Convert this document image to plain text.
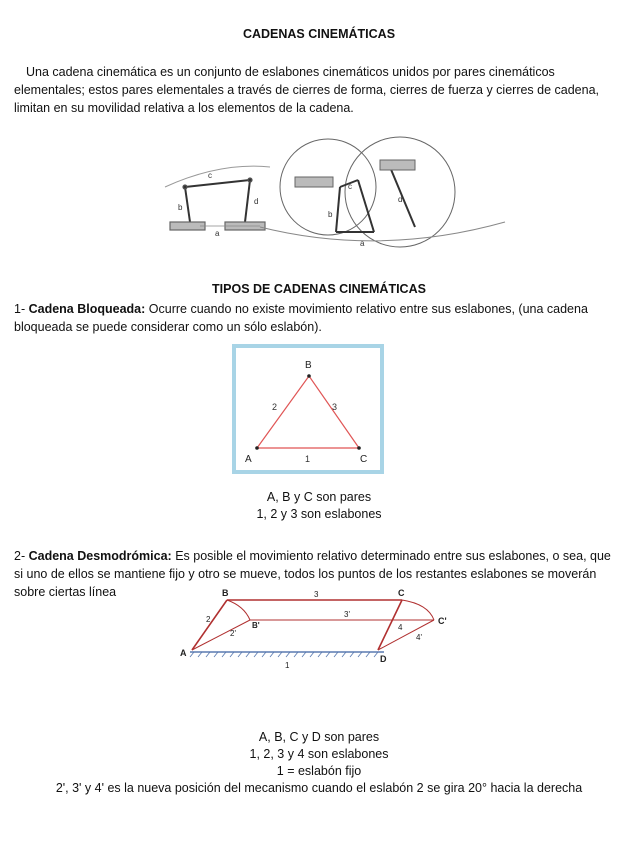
CADENAS CINEMÁTICAS
Una cadena cinemática es un conjunto de eslabones cinemáticos unidos por pares cinemáticos elementales; estos pares elementales a través de cierres de forma, cierres de fuerza y cierres de cadena, limitan en su movilidad relativa a los elementos de la cadena.
c
b
d
a
c
b
d
a
TIPOS DE CADENAS CINEMÁTICAS
1- Cadena Bloqueada: Ocurre cuando no existe movimiento relativo entre sus eslabones, (una cadena bloqueada se puede considerar como un sólo eslabón).
B
A	C
2	3
1
A, B y C son pares
1, 2 y 3 son eslabones
2- Cadena Desmodrómica: Es posible el movimiento relativo determinado entre sus eslabones, o sea, que si uno de ellos se mantiene fijo y otro se mueve, todos los puntos de los restantes eslabones se moverán sobre ciertas línea	B	C
A
D
B'	C'
2
3
4
2'
3'
4'
1
A, B, C y D son pares
1, 2, 3 y 4 son eslabones
1 = eslabón fijo
2', 3' y 4' es la nueva posición del mecanismo cuando el eslabón 2 se gira 20° hacia la derecha
